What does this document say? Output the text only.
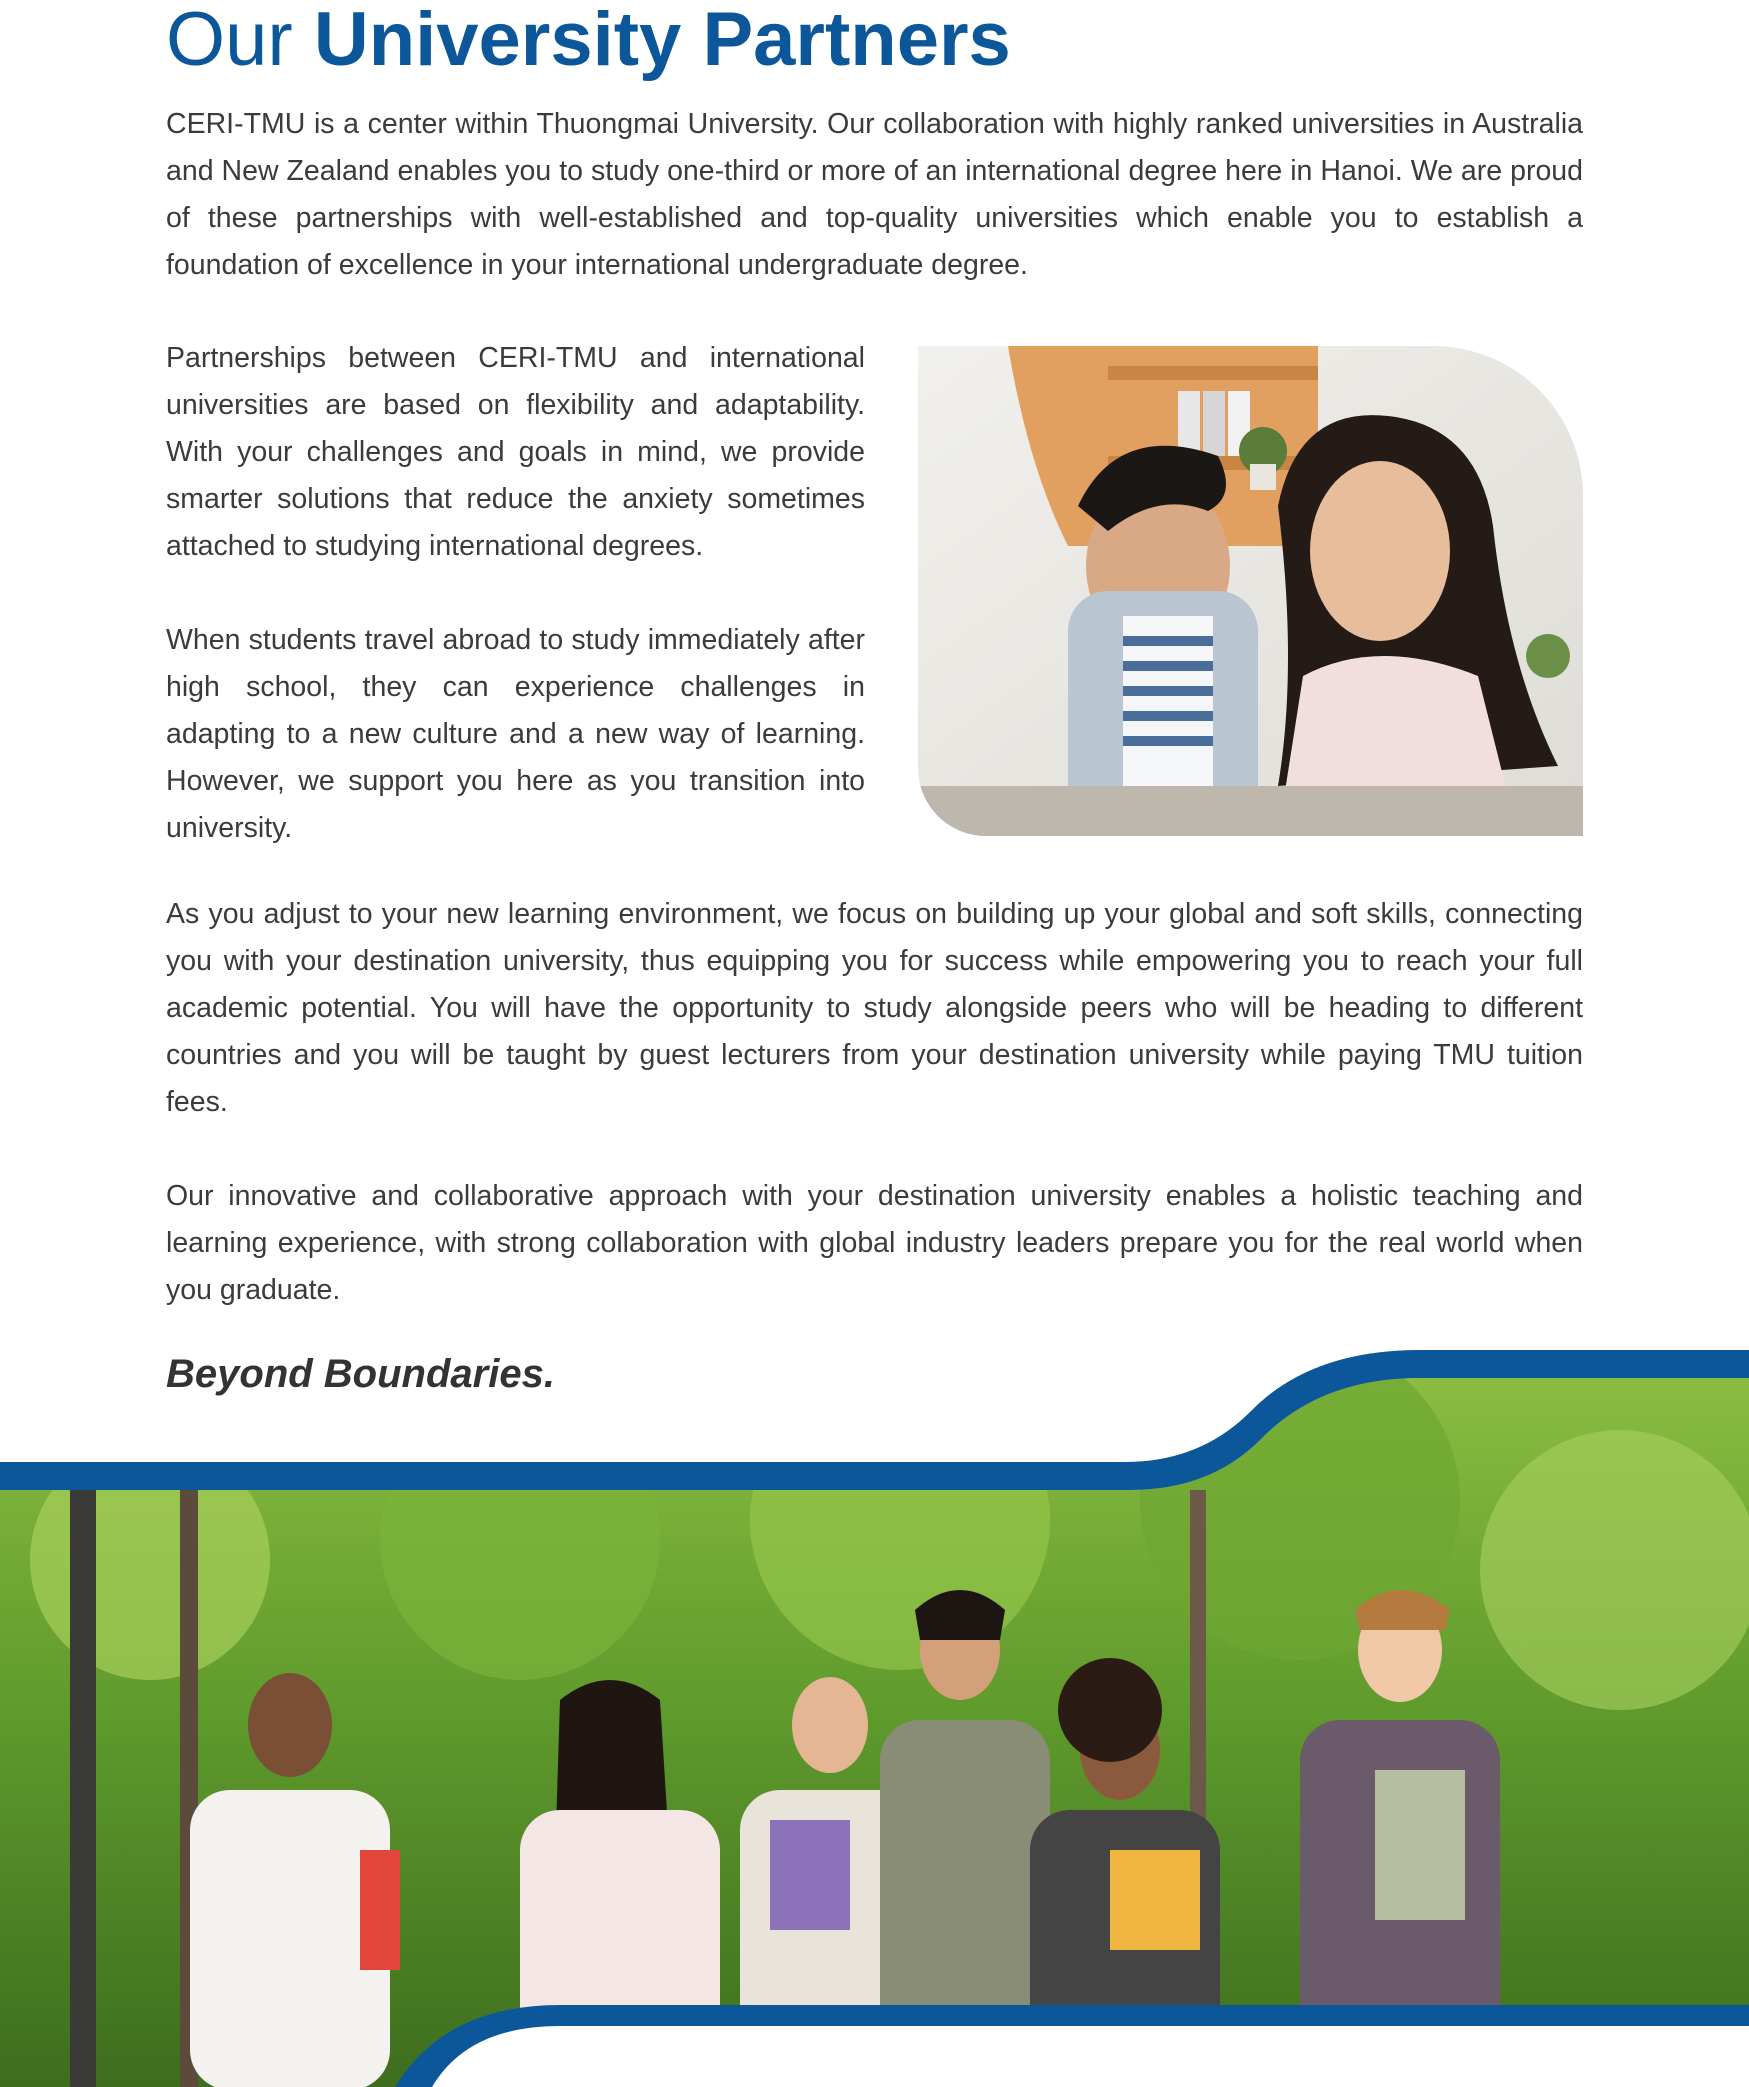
Our University Partners

CERI-TMU is a center within Thuongmai University. Our collaboration with highly ranked universities in Australia and New Zealand enables you to study one-third or more of an international degree here in Hanoi. We are proud of these partnerships with well-established and top-quality universities which enable you to establish a foundation of excellence in your international undergraduate degree.

Partnerships between CERI-TMU and international universities are based on flexibility and adaptability. With your challenges and goals in mind, we provide smarter solutions that reduce the anxiety sometimes attached to studying international degrees.

When students travel abroad to study immediately after high school, they can experience challenges in adapting to a new culture and a new way of learning. However, we support you here as you transition into university.

As you adjust to your new learning environment, we focus on building up your global and soft skills, connecting you with your destination university, thus equipping you for success while empowering you to reach your full academic potential. You will have the opportunity to study alongside peers who will be heading to different countries and you will be taught by guest lecturers from your destination university while paying TMU tuition fees.

Our innovative and collaborative approach with your destination university enables a holistic teaching and learning experience, with strong collaboration with global industry leaders prepare you for the real world when you graduate.

Beyond Boundaries.
